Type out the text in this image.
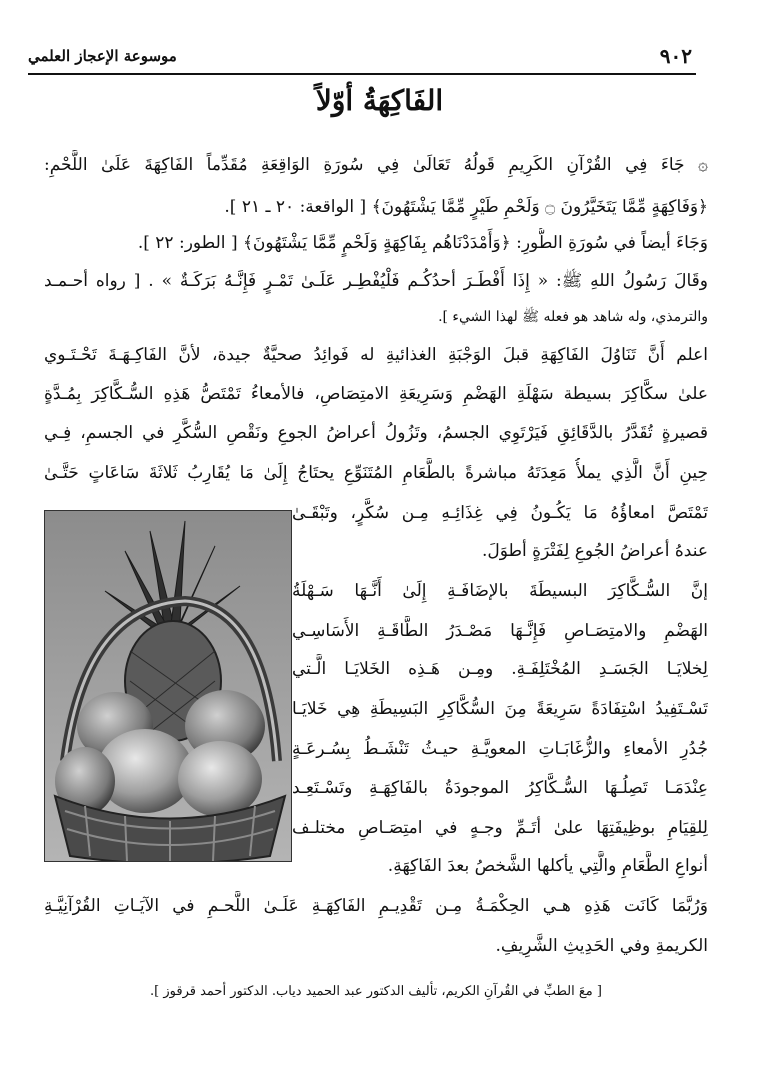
٩٠٢
موسوعة الإعجاز العلمي
الفَاكِهَةُ أوّلاً
۞ جَاءَ فِي القُرْآنِ الكَرِيمِ قَولُهُ تَعَالَىٰ فِي سُورَةِ الوَاقِعَةِ مُقَدِّماً الفَاكِهَةَ عَلَىٰ اللَّحْمِ:
﴿وَفَاكِهَةٍ مِّمَّا يَتَخَيَّرُونَ ۝ وَلَحْمِ طَيْرٍ مِّمَّا يَشْتَهُونَ﴾ [ الواقعة: ٢٠ ـ ٢١ ].
وَجَاءَ أيضاً في سُورَةِ الطُّورِ: ﴿وَأَمْدَدْنَاهُم بِفَاكِهَةٍ وَلَحْمٍ مِّمَّا يَشْتَهُونَ﴾ [ الطور: ٢٢ ].
وقَالَ رَسُولُ اللهِ ﷺ: « إِذَا أَفْطَـرَ أحدُكُـم فَلْيُفْطِـر عَلَـىٰ تَمْـرٍ فَإِنَّـهُ بَرَكَـةٌ » . [ رواه أحـمـد
والترمذي، وله شاهد هو فعله ﷺ لهذا الشيء ].
اعلم أَنَّ تَنَاوُلَ الفَاكِهَةِ قبلَ الوَجْبَةِ الغذائيةِ له فَوائِدُ صحيَّةٌ جيدة، لأنَّ الفَاكِـهَـةَ تَحْـتَـوي
علىٰ سكَّاكِرَ بسيطة سَهْلَةِ الهَضْمِ وَسَرِيعَةِ الامتِصَاصِ، فالأمعاءُ تَمْتَصُّ هَذِهِ السُّـكَّاكِرَ بِمُـدَّةٍ
قصيرةٍ تُقَدَّرُ بالدَّقَائِقِ فَيَرْتَوِي الجسمُ، وتَزُولُ أعراضُ الجوعِ ونَقْصِ السُّكَّرِ في الجسمِ، فِـي
حِينِ أَنَّ الَّذِي يملأُ مَعِدَتَهُ مباشرةً بالطَّعَامِ المُتَنَوِّعِ يحتَاجُ إِلَىٰ مَا يُقَارِبُ ثَلاثَةَ سَاعَاتٍ حَتَّـىٰ
تَمْتَصَّ امعاؤُهُ مَا يَكُـونُ فِي غِذَائِـهِ مِـن سُكَّرٍ، وتَبْقَـىٰ
عندهُ أعراضُ الجُوعِ لِفَتْرَةٍ أطوَلَ.
إنَّ السُّـكَّاكِرَ البسيطَةَ بالإضَافَـةِ إِلَىٰ أَنَّـهَا سَـهْلَةُ
الهَضْمِ والامتِصَـاصِ فَإِنَّـهَا مَصْـدَرُ الطَّاقَـةِ الأَسَاسِـي
لِخلايَـا الجَسَـدِ المُخْتَلِفَـةِ. ومِـن هَـذِه الخَلايَـا الَّـتي
تَسْـتَفِيدُ اسْتِفَادَةً سَرِيعَةً مِنَ السُّكَّاكِرِ البَسِيطَةِ هِي خَلايَـا
جُدُرِ الأمعاءِ والزُّغَابَـاتِ المعويَّـةِ حيـثُ تَنْشَـطُ بِسُـرعَـةٍ
عِنْدَمَـا تَصِلُـهَا السُّـكَّاكِرُ الموجودَةُ بالفَاكِهَـةِ وتَسْـتَعِـد
لِلقِيَامِ بوظِيفَتِهَا علىٰ أتَـمِّ وجـهٍ في امتِصَـاصِ مختلـف
أنواعِ الطَّعَامِ والَّتِي يأكلها الشَّخصُ بعدَ الفَاكِهَةِ.
وَرُبَّمَا كَانَت هَذِهِ هـي الحِكْمَـةُ مِـن تَقْدِيـمِ الفَاكِهَـةِ عَلَـىٰ اللَّحـمِ في الآيَـاتِ القُرْآنِيَّـةِ
الكريمةِ وفي الحَدِيثِ الشَّرِيفِ.
[ معَ الطبِّ في القُرآنِ الكريم، تأليف الدكتور عبد الحميد دياب. الدكتور أحمد قرقوز ].
